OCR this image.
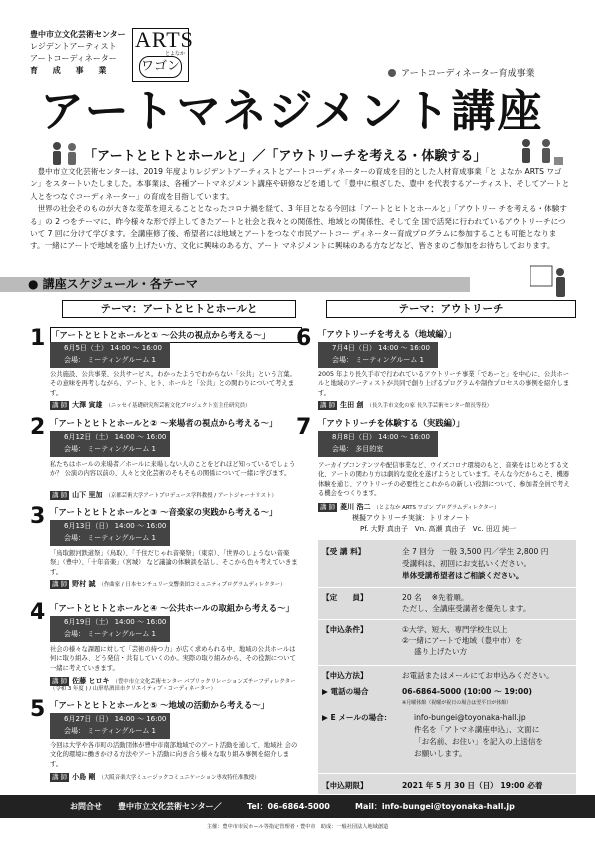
豊中市立文化芸術センター
レジデントアーティスト
アートコーディネーター
育 成 事 業
ARTS
とよなか
ワゴン	アートコーディネーター育成事業
アートマネジメント講座
「アートとヒトとホールと」／「アウトリーチを考える・体験する」

豊中市立文化芸術センターは、2019 年度よりレジデントアーティストとアートコーディネーターの育成を目的とした人材育成事業「と よなか ARTS ワゴン」をスタートいたしました。本事業は、各種アートマネジメント講座や研修などを通して「豊中に根ざした、豊中 を代表するアーティスト、そしてアートと人とをつなぐコーディネーター」の育成を目指しています。

世界の社会そのものが大きな変革を迎えることとなったコロナ禍を経て、3 年目となる今回は「アートとヒトとホールと」「アウトリー チを考える・体験する」の 2 つをテーマに、昨今様々な形で浮上してきたアートと社会と我々との関係性、地域との関係性、そして全 国で活発に行われているアウトリーチについて 7 回に分けて学びます。全講座修了後、希望者には地域とアートをつなぐ市民アートコー ディネーター育成プログラムに参加することも可能となります。一緒にアートで地域を盛り上げたい方、文化に興味のある方、アート マネジメントに興味のある方などなど、皆さまのご参加をお待ちしております。

● 講座スケジュール・各テーマ
テーマ：アートとヒトとホールと	テーマ：アウトリーチ
1 「アートとヒトとホールと① ～公共の視点から考える～」
6月5日（土） 14:00 ～ 16:00
会場： ミーティングルーム 1
公共施設、公共事業、公共サービス。わかったようでわからない「公共」という言葉。その意味を再考しながら、アート、ヒト、ホールと「公共」との関わりについて考えます。
講 師 大澤 寅雄 （ニッセイ基礎研究所芸術文化プロジェクト室主任研究員）
2 「アートとヒトとホールと② ～来場者の視点から考える～」
6月12日（土） 14:00 ～ 16:00
会場： ミーティングルーム 1
私たちはホールの来場者／ホールに来場しない人のことをどれほど知っているでしょうか？ 公演の内容以前の、人々と文化芸術のそもそもの関係について一緒に学びます。
講 師 山下 里加 （京都芸術大学アートプロデュース学科教授 / アートジャーナリスト）
3 「アートとヒトとホールと③ ～音楽家の実践から考える～」
6月13日（日） 14:00 ～ 16:00
会場： ミーティングルーム 1
「鳥取銀河鉄道祭」（鳥取）、「千住だじゃれ音楽祭」（東京）、「世界のしょうない音楽祭」（豊中）、「十年音楽」（宮城） など議論の体験談を話し、そこから色々考えていきます。
講 師 野村 誠 （作曲家 / 日本センチュリー交響楽団コミュニティプログラムディレクター）
4 「アートとヒトとホールと④ ～公共ホールの取組から考える～」
6月19日（土） 14:00 ～ 16:00
会場： ミーティングルーム 1
社会の様々な課題に対して「芸術の持つ力」が広く求められる中、地域の公共ホールは何に取り組み、どう発信・共有していくのか。実際の取り組みから、その役割について一緒に考えていきます。
講 師 佐藤 ヒロキ （豊中市立文化芸術センター パブリックリレーションズチーフディレクター（令和 3 年度 ) / 山形県酒田市クリエイティブ・コーディネーター）
5 「アートとヒトとホールと⑤ ～地域の活動から考える～」
6月27日（日） 14:00 ～ 16:00
会場： ミーティングルーム 1
今回は大学や各市町の活動団体が豊中市南部地域でのアート活動を通して、地域社 会の文化的環境に働きかける方法やアート活動に向き合う様々な取り組み事例を紹介します。
講 師 小島 剛 （大阪音楽大学ミュージックコミュニケーション専攻特任准教授）
6 「アウトリーチを考える（地域編）」
7月4日（日） 14:00 ～ 16:00
会場： ミーティングルーム 1
2005 年より長久手市で行われているアウトリーチ事業「であーと」を中心に、公共ホールと地域のアーティストが共同で創り上げるプログラムや制作プロセスの事例を紹介します。
講 師 生田 創 （長久手市文化の家 長久手芸術センター館長等役）
7 「アウトリーチを体験する（実践編）」
8月8日（日） 14:00 ～ 16:00
会場： 多目的室
アーカイブコンテンツや配信事業など、ウイズコロナ環境のもと、音楽をはじめとする文化、アートの関わり方は劇的な変化を遂げようとしています。そんな今だからこそ、機器体験を通じ、アウトリーチの必要性とこれからの新しい役割について、参加者全員で考える機会をつくります。
講 師 菱川 浩二 （とよなか ARTS ワゴン プログラムディレクター）
模擬アウトリーチ実演：トリオノート
Pf. 大野 真由子　Vn. 高瀬 真由子　Vc. 田辺 純一
【受 講 料】	全 7 回分　一般 3,500 円／学生 2,800 円
受講料は、初回にお支払いください。
単体受講希望者はご相談ください。
【定　　員】	20 名　 ※先着順。
ただし、全講座受講者を優先します。
【申込条件】	①大学、短大、専門学校生以上
②一緒にアートで地域（豊中市）を
盛り上げたい方
【申込方法】	お電話またはメールにてお申込みください。
▶ 電話の場合	06-6864-5000 (10:00 ～ 19:00)
※月曜休館（祝曜が祝日の場合は翌平日が休館）
▶ E メールの場合：	info-bungei@toyonaka-hall.jp
件名を「アトマネ講座申込」、文面に
「お名前、お住い」を記入の上送信を
お願いします。
【申込期限】	2021 年 5 月 30 日（日） 19:00 必着
お問合せ 豊中市立文化芸術センター／	Tel：06-6864-5000	Mail：info-bungei@toyonaka-hall.jp
主催：豊中市市民ホール等指定管理者・豊中市　助成：一般社団法人地域創造
